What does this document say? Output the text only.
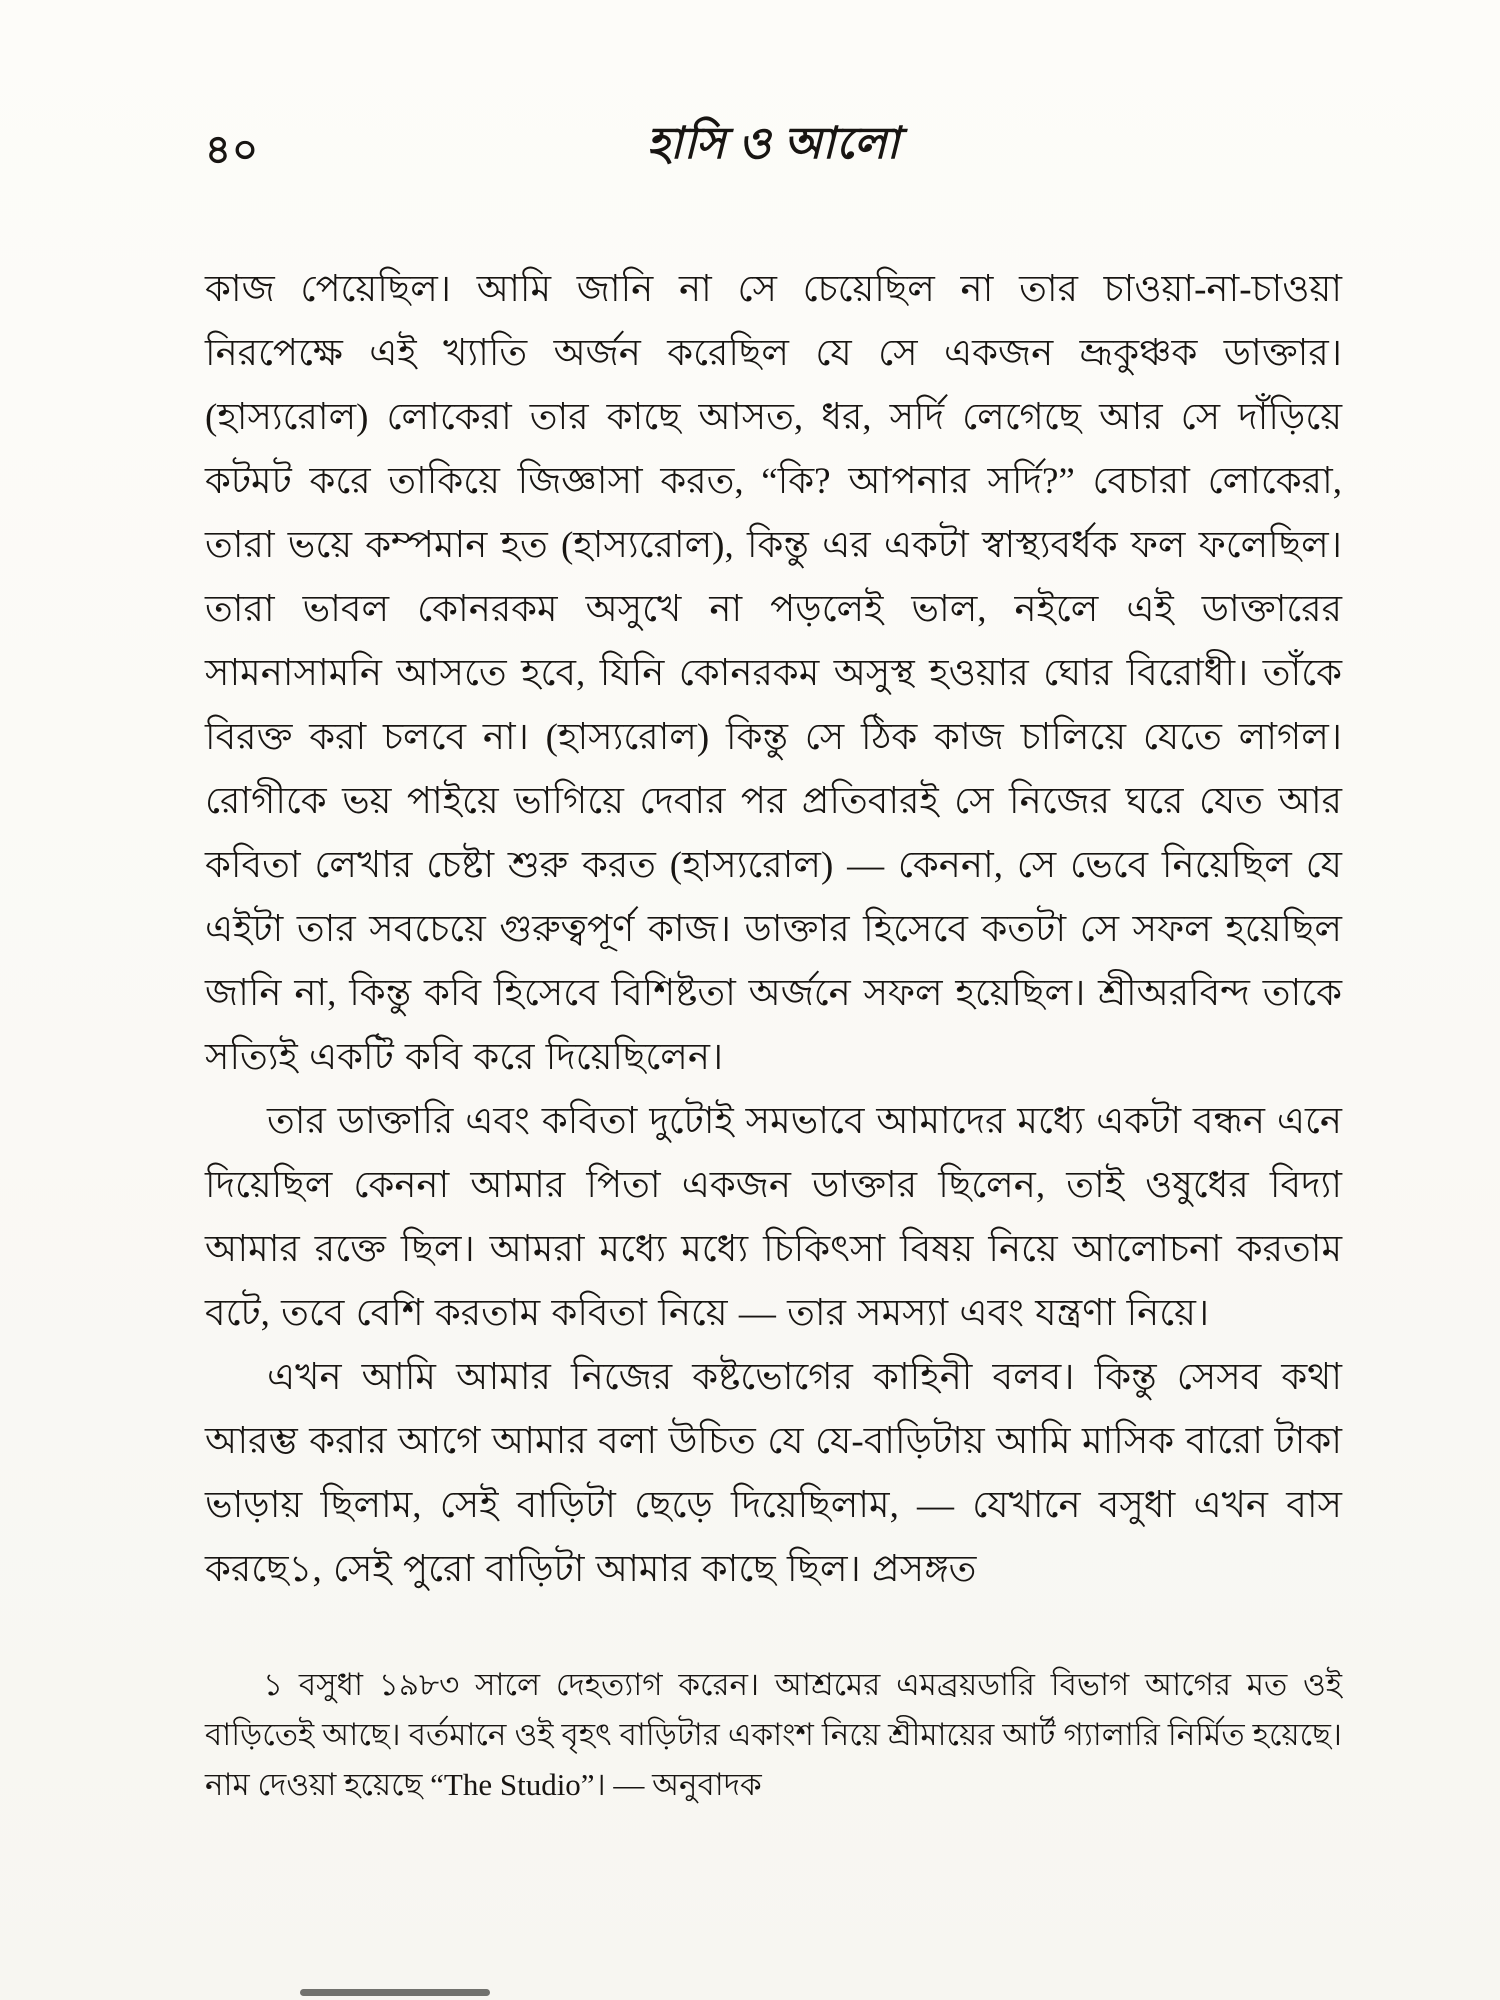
৪০	হাসি ও আলো

কাজ পেয়েছিল। আমি জানি না সে চেয়েছিল না তার চাওয়া-না-চাওয়া নিরপেক্ষে এই খ্যাতি অর্জন করেছিল যে সে একজন ভ্রূকুঞ্চক ডাক্তার। (হাস্যরোল) লোকেরা তার কাছে আসত, ধর, সর্দি লেগেছে আর সে দাঁড়িয়ে কটমট করে তাকিয়ে জিজ্ঞাসা করত, “কি? আপনার সর্দি?” বেচারা লোকেরা, তারা ভয়ে কম্পমান হত (হাস্যরোল), কিন্তু এর একটা স্বাস্থ্যবর্ধক ফল ফলেছিল। তারা ভাবল কোনরকম অসুখে না পড়লেই ভাল, নইলে এই ডাক্তারের সামনাসামনি আসতে হবে, যিনি কোনরকম অসুস্থ হওয়ার ঘোর বিরোধী। তাঁকে বিরক্ত করা চলবে না। (হাস্যরোল) কিন্তু সে ঠিক কাজ চালিয়ে যেতে লাগল। রোগীকে ভয় পাইয়ে ভাগিয়ে দেবার পর প্রতিবারই সে নিজের ঘরে যেত আর কবিতা লেখার চেষ্টা শুরু করত (হাস্যরোল) — কেননা, সে ভেবে নিয়েছিল যে এইটা তার সবচেয়ে গুরুত্বপূর্ণ কাজ। ডাক্তার হিসেবে কতটা সে সফল হয়েছিল জানি না, কিন্তু কবি হিসেবে বিশিষ্টতা অর্জনে সফল হয়েছিল। শ্রীঅরবিন্দ তাকে সত্যিই একটি কবি করে দিয়েছিলেন।

তার ডাক্তারি এবং কবিতা দুটোই সমভাবে আমাদের মধ্যে একটা বন্ধন এনে দিয়েছিল কেননা আমার পিতা একজন ডাক্তার ছিলেন, তাই ওষুধের বিদ্যা আমার রক্তে ছিল। আমরা মধ্যে মধ্যে চিকিৎসা বিষয় নিয়ে আলোচনা করতাম বটে, তবে বেশি করতাম কবিতা নিয়ে — তার সমস্যা এবং যন্ত্রণা নিয়ে।

এখন আমি আমার নিজের কষ্টভোগের কাহিনী বলব। কিন্তু সেসব কথা আরম্ভ করার আগে আমার বলা উচিত যে যে-বাড়িটায় আমি মাসিক বারো টাকা ভাড়ায় ছিলাম, সেই বাড়িটা ছেড়ে দিয়েছিলাম, — যেখানে বসুধা এখন বাস করছে১, সেই পুরো বাড়িটা আমার কাছে ছিল। প্রসঙ্গত

১ বসুধা ১৯৮৩ সালে দেহত্যাগ করেন। আশ্রমের এমব্রয়ডারি বিভাগ আগের মত ওই বাড়িতেই আছে। বর্তমানে ওই বৃহৎ বাড়িটার একাংশ নিয়ে শ্রীমায়ের আর্ট গ্যালারি নির্মিত হয়েছে। নাম দেওয়া হয়েছে “The Studio”। — অনুবাদক
